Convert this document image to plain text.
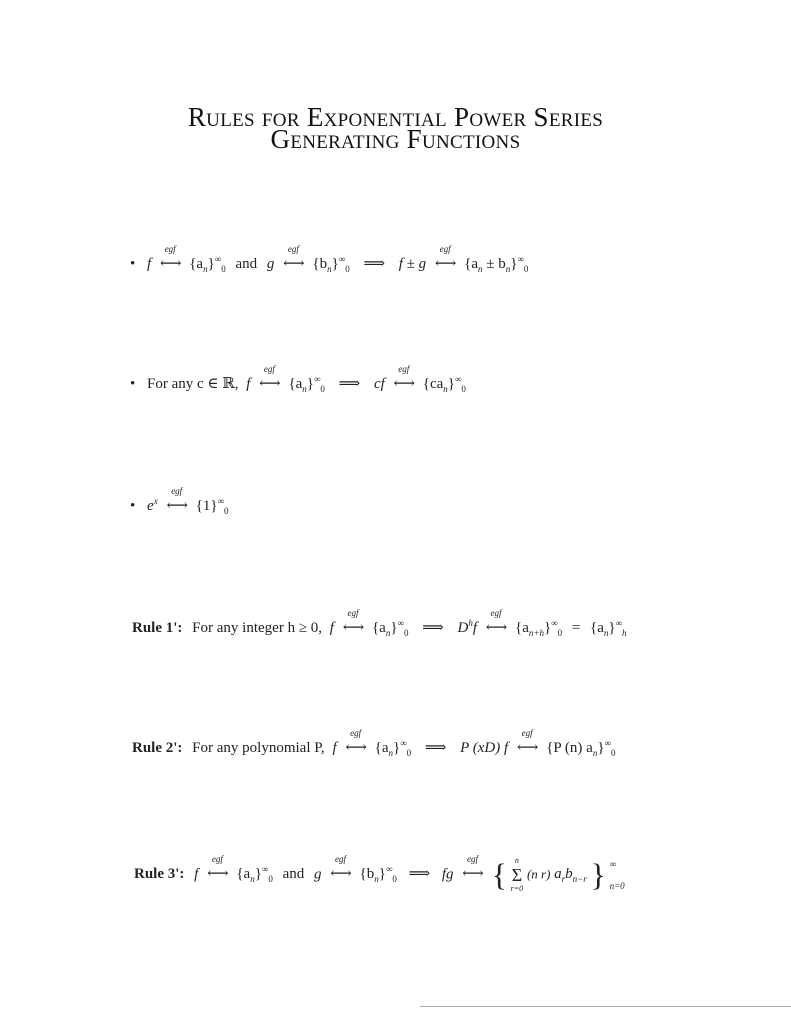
Rules for Exponential Power Series
Generating Functions
• f
egf
⟷ $\{a_n\}^\infty_0$ and g
egf
⟷ $\{b_n\}^\infty_0$ ⟹ f ± g
egf
⟷ $\{a_n \pm b_n\}^\infty_0$
• For any c ∈ ℝ, f
egf
⟷ $\{a_n\}^\infty_0$ ⟹ cf
egf
⟷ $\{ca_n\}^\infty_0$
• $e^x$
egf
⟷ $\{1\}^\infty_0$
Rule 1': For any integer h ≥ 0, f
egf
⟷ $\{a_n\}^\infty_0$ ⟹ $D^hf$
egf
⟷ $\{a_{n+h}\}^\infty_0 = \{a_n\}^\infty_h$
Rule 2': For any polynomial P, f
egf
⟷ $\{a_n\}^\infty_0$ ⟹ P (xD) f
egf
⟷ {P (n) $a_n\}^\infty_0$
Rule 3': f
egf
⟷ $\{a_n\}^\infty_0$ and g
egf
⟷ $\{b_n\}^\infty_0$ ⟹ fg
egf
⟷ {	n
Σ
r=0
(n r) $a_rb_{n-r}$ } ∞
n=0
